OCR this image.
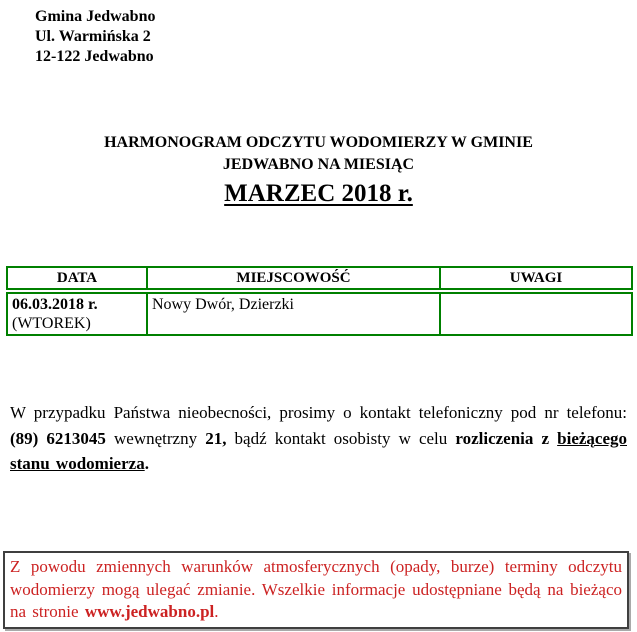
Gmina Jedwabno
Ul. Warmińska 2
12-122 Jedwabno
HARMONOGRAM ODCZYTU WODOMIERZY W GMINIE
JEDWABNO NA MIESIĄC
MARZEC 2018 r.
DATA	MIEJSCOWOŚĆ	UWAGI

06.03.2018 r.
(WTOREK)	Nowy Dwór, Dzierzki	

W przypadku Państwa nieobecności, prosimy o kontakt telefoniczny pod nr telefonu: (89) 6213045 wewnętrzny 21, bądź kontakt osobisty w celu rozliczenia z bieżącego stanu wodomierza.

Z powodu zmiennych warunków atmosferycznych (opady, burze) terminy odczytu wodomierzy mogą ulegać zmianie. Wszelkie informacje udostępniane będą na bieżąco na stronie www.jedwabno.pl.
